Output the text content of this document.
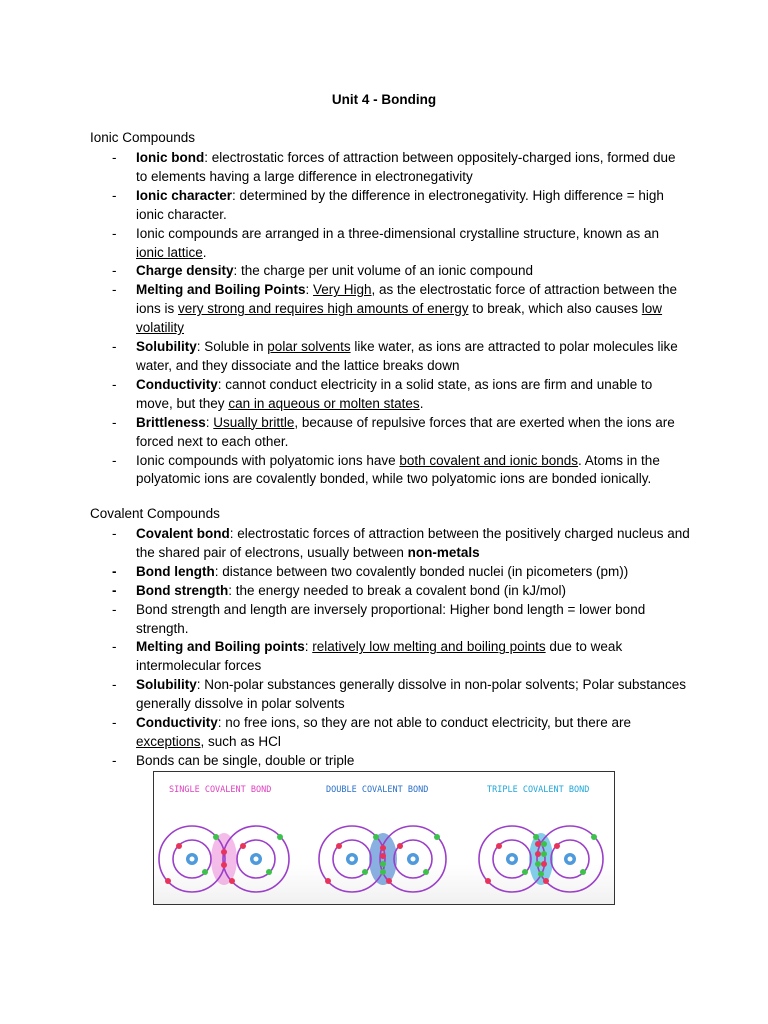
Unit 4 - Bonding
Ionic Compounds
- Ionic bond: electrostatic forces of attraction between oppositely-charged ions, formed due to elements having a large difference in electronegativity
- Ionic character: determined by the difference in electronegativity. High difference = high ionic character.
- Ionic compounds are arranged in a three-dimensional crystalline structure, known as an ionic lattice.
- Charge density: the charge per unit volume of an ionic compound
- Melting and Boiling Points: Very High, as the electrostatic force of attraction between the ions is very strong and requires high amounts of energy to break, which also causes low volatility
- Solubility: Soluble in polar solvents like water, as ions are attracted to polar molecules like water, and they dissociate and the lattice breaks down
- Conductivity: cannot conduct electricity in a solid state, as ions are firm and unable to move, but they can in aqueous or molten states.
- Brittleness: Usually brittle, because of repulsive forces that are exerted when the ions are forced next to each other.
- Ionic compounds with polyatomic ions have both covalent and ionic bonds. Atoms in the polyatomic ions are covalently bonded, while two polyatomic ions are bonded ionically.
Covalent Compounds
- Covalent bond: electrostatic forces of attraction between the positively charged nucleus and the shared pair of electrons, usually between non-metals
- Bond length: distance between two covalently bonded nuclei (in picometers (pm))
- Bond strength: the energy needed to break a covalent bond (in kJ/mol)
- Bond strength and length are inversely proportional: Higher bond length = lower bond strength.
- Melting and Boiling points: relatively low melting and boiling points due to weak intermolecular forces
- Solubility: Non-polar substances generally dissolve in non-polar solvents; Polar substances generally dissolve in polar solvents
- Conductivity: no free ions, so they are not able to conduct electricity, but there are exceptions, such as HCl
- Bonds can be single, double or triple
SINGLE COVALENT BOND	DOUBLE COVALENT BOND	TRIPLE COVALENT BOND
